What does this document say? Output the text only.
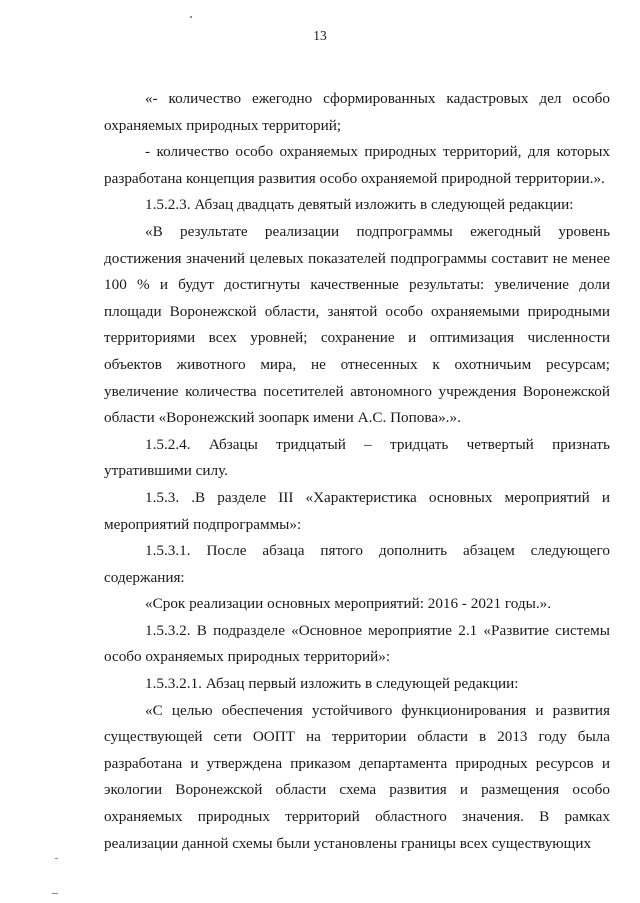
13

«- количество ежегодно сформированных кадастровых дел особо охраняемых природных территорий;

- количество особо охраняемых природных территорий, для которых разработана концепция развития особо охраняемой природной территории.».

1.5.2.3. Абзац двадцать девятый изложить в следующей редакции:

«В результате реализации подпрограммы ежегодный уровень достижения значений целевых показателей подпрограммы составит не менее 100 % и будут достигнуты качественные результаты: увеличение доли площади Воронежской области, занятой особо охраняемыми природными территориями всех уровней; сохранение и оптимизация численности объектов животного мира, не отнесенных к охотничьим ресурсам; увеличение количества посетителей автономного учреждения Воронежской области «Воронежский зоопарк имени А.С. Попова».».

1.5.2.4. Абзацы тридцатый – тридцать четвертый признать утратившими силу.

1.5.3. .В разделе III «Характеристика основных мероприятий и мероприятий подпрограммы»:

1.5.3.1. После абзаца пятого дополнить абзацем следующего содержания:

«Срок реализации основных мероприятий: 2016 - 2021 годы.».

1.5.3.2. В подразделе «Основное мероприятие 2.1 «Развитие системы особо охраняемых природных территорий»:

1.5.3.2.1. Абзац первый изложить в следующей редакции:

«С целью обеспечения устойчивого функционирования и развития существующей сети ООПТ на территории области в 2013 году была разработана и утверждена приказом департамента природных ресурсов и экологии Воронежской области схема развития и размещения особо охраняемых природных территорий областного значения. В рамках реализации данной схемы были установлены границы всех существующих
